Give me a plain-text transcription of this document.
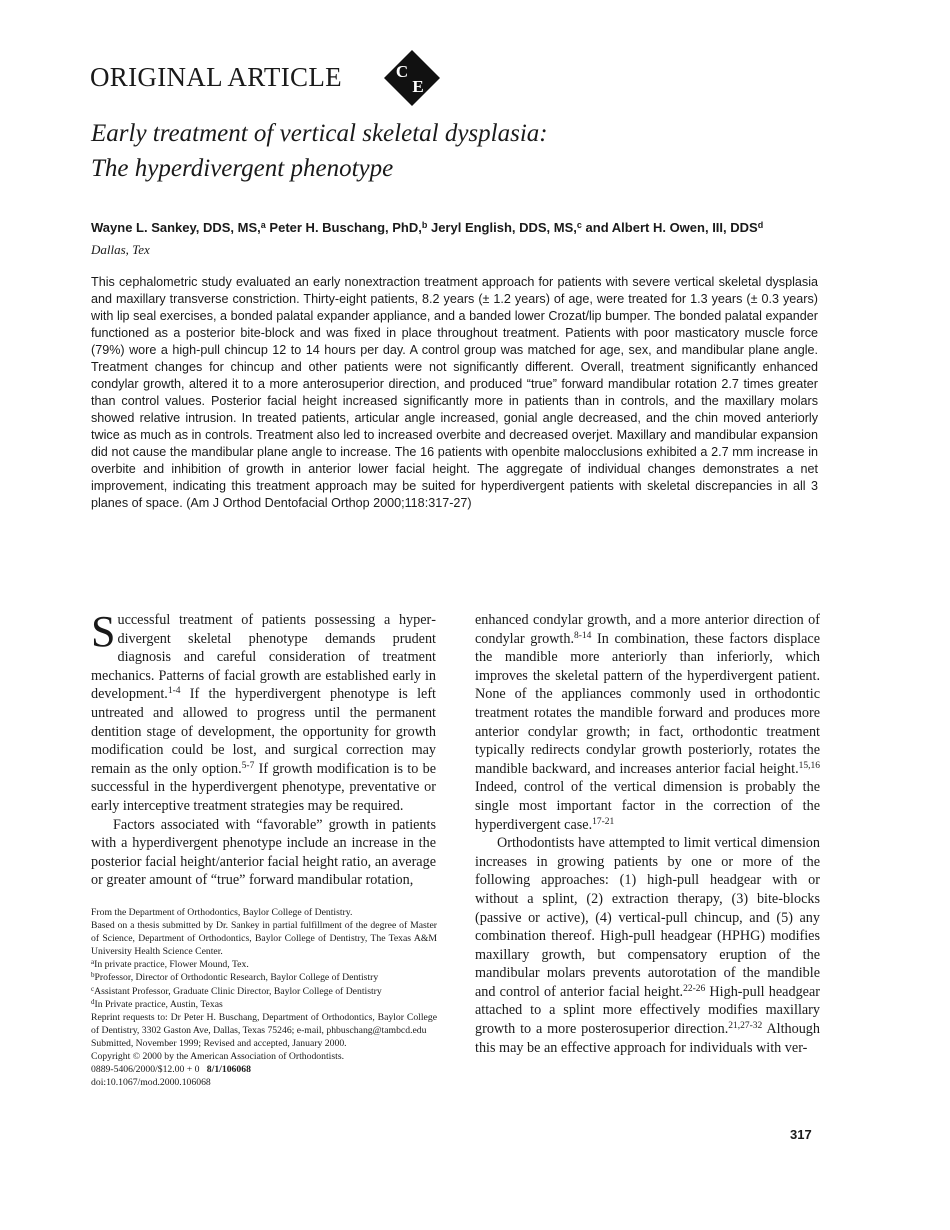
ORIGINAL ARTICLE	C
E
Early treatment of vertical skeletal dysplasia:
The hyperdivergent phenotype
Wayne L. Sankey, DDS, MS,$^a$ Peter H. Buschang, PhD,$^b$ Jeryl English, DDS, MS,$^c$ and Albert H. Owen, III, DDS$^d$
Dallas, Tex
This cephalometric study evaluated an early nonextraction treatment approach for patients with severe vertical skeletal dysplasia and maxillary transverse constriction. Thirty-eight patients, 8.2 years (± 1.2 years) of age, were treated for 1.3 years (± 0.3 years) with lip seal exercises, a bonded palatal expander appliance, and a banded lower Crozat/lip bumper. The bonded palatal expander functioned as a posterior bite-block and was fixed in place throughout treatment. Patients with poor masticatory muscle force (79%) wore a high-pull chincup 12 to 14 hours per day. A control group was matched for age, sex, and mandibular plane angle. Treatment changes for chincup and other patients were not significantly different. Overall, treatment significantly enhanced condylar growth, altered it to a more anterosuperior direction, and produced “true” forward mandibular rotation 2.7 times greater than control values. Posterior facial height increased significantly more in patients than in controls, and the maxillary molars showed relative intrusion. In treated patients, articular angle increased, gonial angle decreased, and the chin moved anteriorly twice as much as in controls. Treatment also led to increased overbite and decreased overjet. Maxillary and mandibular expansion did not cause the mandibular plane angle to increase. The 16 patients with openbite malocclusions exhibited a 2.7 mm increase in overbite and inhibition of growth in anterior lower facial height. The aggregate of individual changes demonstrates a net improvement, indicating this treatment approach may be suited for hyperdivergent patients with skeletal discrepancies in all 3 planes of space. (Am J Orthod Dentofacial Orthop 2000;118:317-27)

Successful treatment of patients possessing a hyperdivergent skeletal phenotype demands prudent diagnosis and careful consideration of treatment mechanics. Patterns of facial growth are established early in development.$^{1-4}$ If the hyperdivergent phenotype is left untreated and allowed to progress until the permanent dentition stage of development, the opportunity for growth modification could be lost, and surgical correction may remain as the only option.$^{5-7}$ If growth modification is to be successful in the hyperdivergent phenotype, preventative or early interceptive treatment strategies may be required.

Factors associated with “favorable” growth in patients with a hyperdivergent phenotype include an increase in the posterior facial height/anterior facial height ratio, an average or greater amount of “true” forward mandibular rotation,

From the Department of Orthodontics, Baylor College of Dentistry.
Based on a thesis submitted by Dr. Sankey in partial fulfillment of the degree of Master of Science, Department of Orthodontics, Baylor College of Dentistry, The Texas A&M University Health Science Center.
$^a$In private practice, Flower Mound, Tex.
$^b$Professor, Director of Orthodontic Research, Baylor College of Dentistry
$^c$Assistant Professor, Graduate Clinic Director, Baylor College of Dentistry
$^d$In Private practice, Austin, Texas
Reprint requests to: Dr Peter H. Buschang, Department of Orthodontics, Baylor College of Dentistry, 3302 Gaston Ave, Dallas, Texas 75246; e-mail, phbuschang@tambcd.edu
Submitted, November 1999; Revised and accepted, January 2000.
Copyright © 2000 by the American Association of Orthodontists.
0889-5406/2000/$12.00 + 0 8/1/106068
doi:10.1067/mod.2000.106068

enhanced condylar growth, and a more anterior direction of condylar growth.$^{8-14}$ In combination, these factors displace the mandible more anteriorly than inferiorly, which improves the skeletal pattern of the hyperdivergent patient. None of the appliances commonly used in orthodontic treatment rotates the mandible forward and produces more anterior condylar growth; in fact, orthodontic treatment typically redirects condylar growth posteriorly, rotates the mandible backward, and increases anterior facial height.$^{15,16}$ Indeed, control of the vertical dimension is probably the single most important factor in the correction of the hyperdivergent case.$^{17-21}$

Orthodontists have attempted to limit vertical dimension increases in growing patients by one or more of the following approaches: (1) high-pull headgear with or without a splint, (2) extraction therapy, (3) bite-blocks (passive or active), (4) vertical-pull chincup, and (5) any combination thereof. High-pull headgear (HPHG) modifies maxillary growth, but compensatory eruption of the mandibular molars prevents autorotation of the mandible and control of anterior facial height.$^{22-26}$ High-pull headgear attached to a splint more effectively modifies maxillary growth to a more posterosuperior direction.$^{21,27-32}$ Although this may be an effective approach for individuals with ver-

317
